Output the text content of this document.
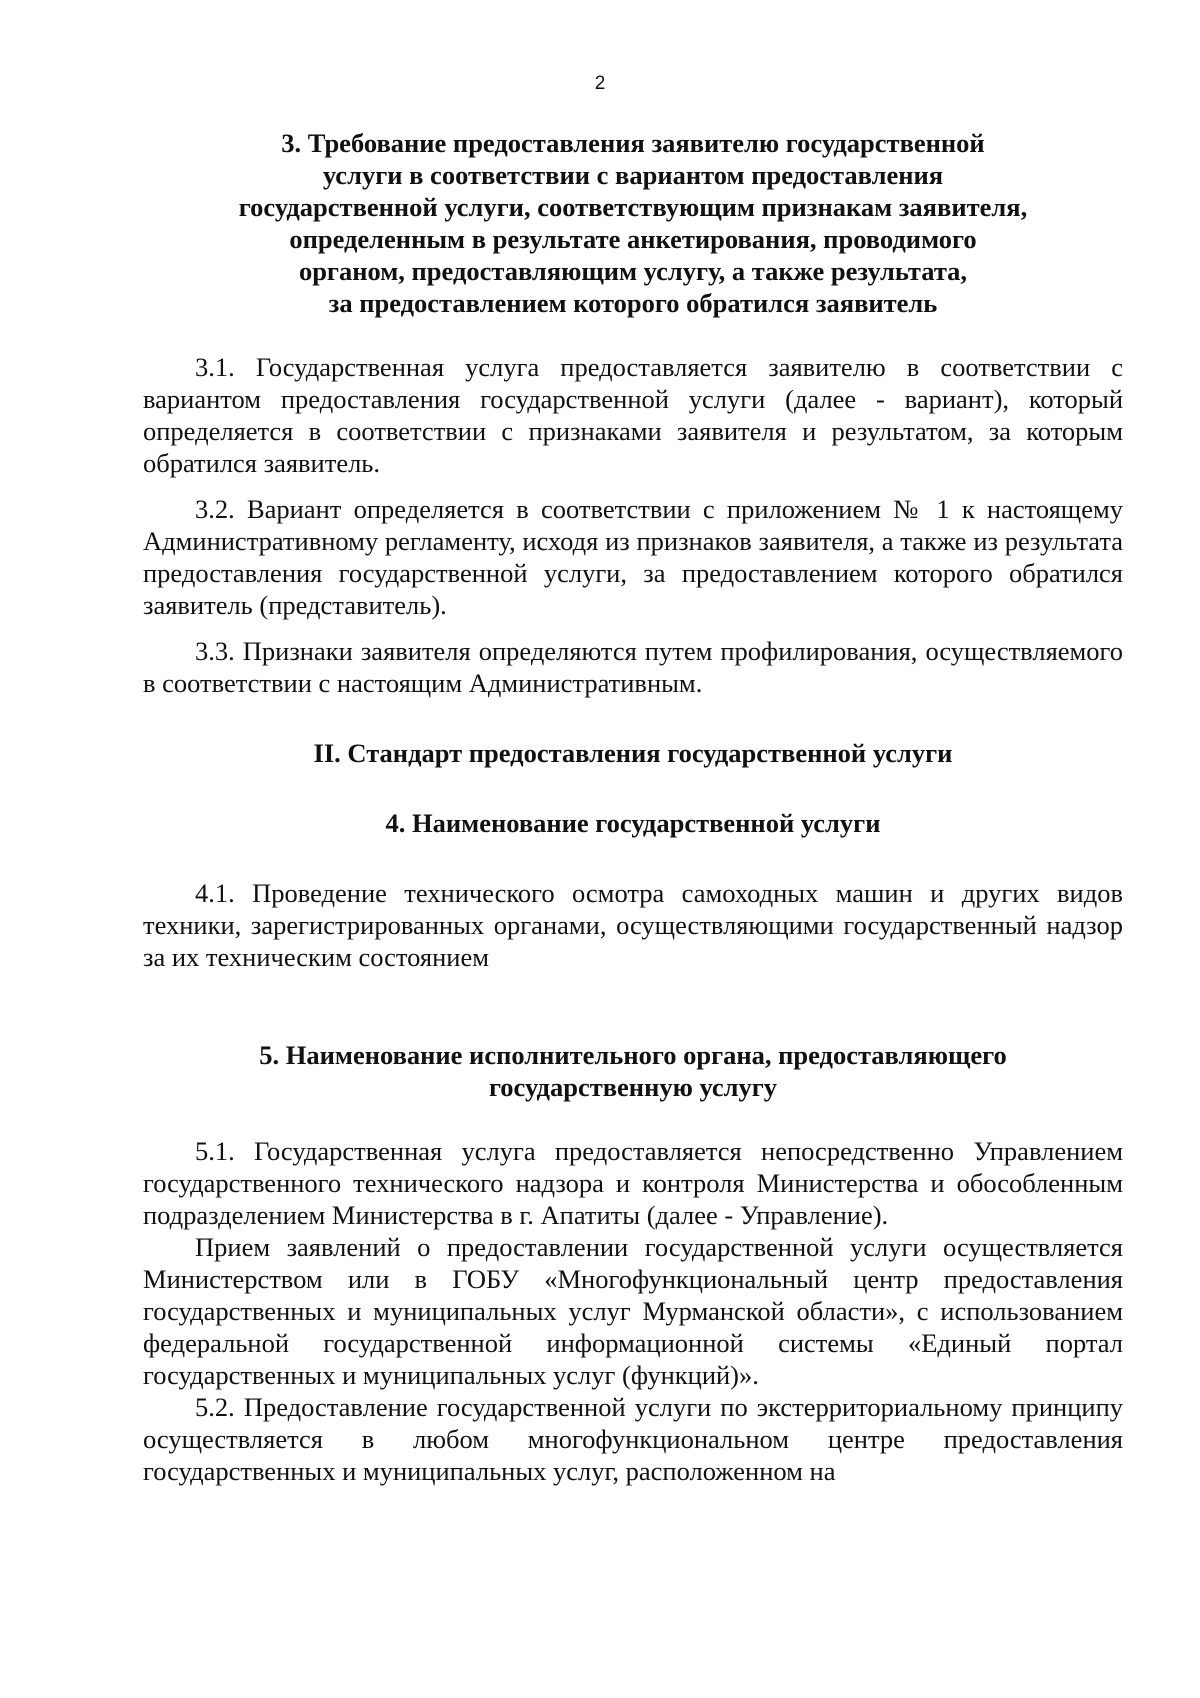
2
3. Требование предоставления заявителю государственной
услуги в соответствии с вариантом предоставления
государственной услуги, соответствующим признакам заявителя,
определенным в результате анкетирования, проводимого
органом, предоставляющим услугу, а также результата,
за предоставлением которого обратился заявитель

3.1. Государственная услуга предоставляется заявителю в соответствии с вариантом предоставления государственной услуги (далее - вариант), который определяется в соответствии с признаками заявителя и результатом, за которым обратился заявитель.

3.2. Вариант определяется в соответствии с приложением № 1 к настоящему Административному регламенту, исходя из признаков заявителя, а также из результата предоставления государственной услуги, за предоставлением которого обратился заявитель (представитель).

3.3. Признаки заявителя определяются путем профилирования, осуществляемого в соответствии с настоящим Административным.

II. Стандарт предоставления государственной услуги
4. Наименование государственной услуги

4.1. Проведение технического осмотра самоходных машин и других видов техники, зарегистрированных органами, осуществляющими государственный надзор за их техническим состоянием

5. Наименование исполнительного органа, предоставляющего
государственную услугу

5.1. Государственная услуга предоставляется непосредственно Управлением государственного технического надзора и контроля Министерства и обособленным подразделением Министерства в г. Апатиты (далее - Управление).

Прием заявлений о предоставлении государственной услуги осуществляется Министерством или в ГОБУ «Многофункциональный центр предоставления государственных и муниципальных услуг Мурманской области», с использованием федеральной государственной информационной системы «Единый портал государственных и муниципальных услуг (функций)».

5.2. Предоставление государственной услуги по экстерриториальному принципу осуществляется в любом многофункциональном центре предоставления государственных и муниципальных услуг, расположенном на
